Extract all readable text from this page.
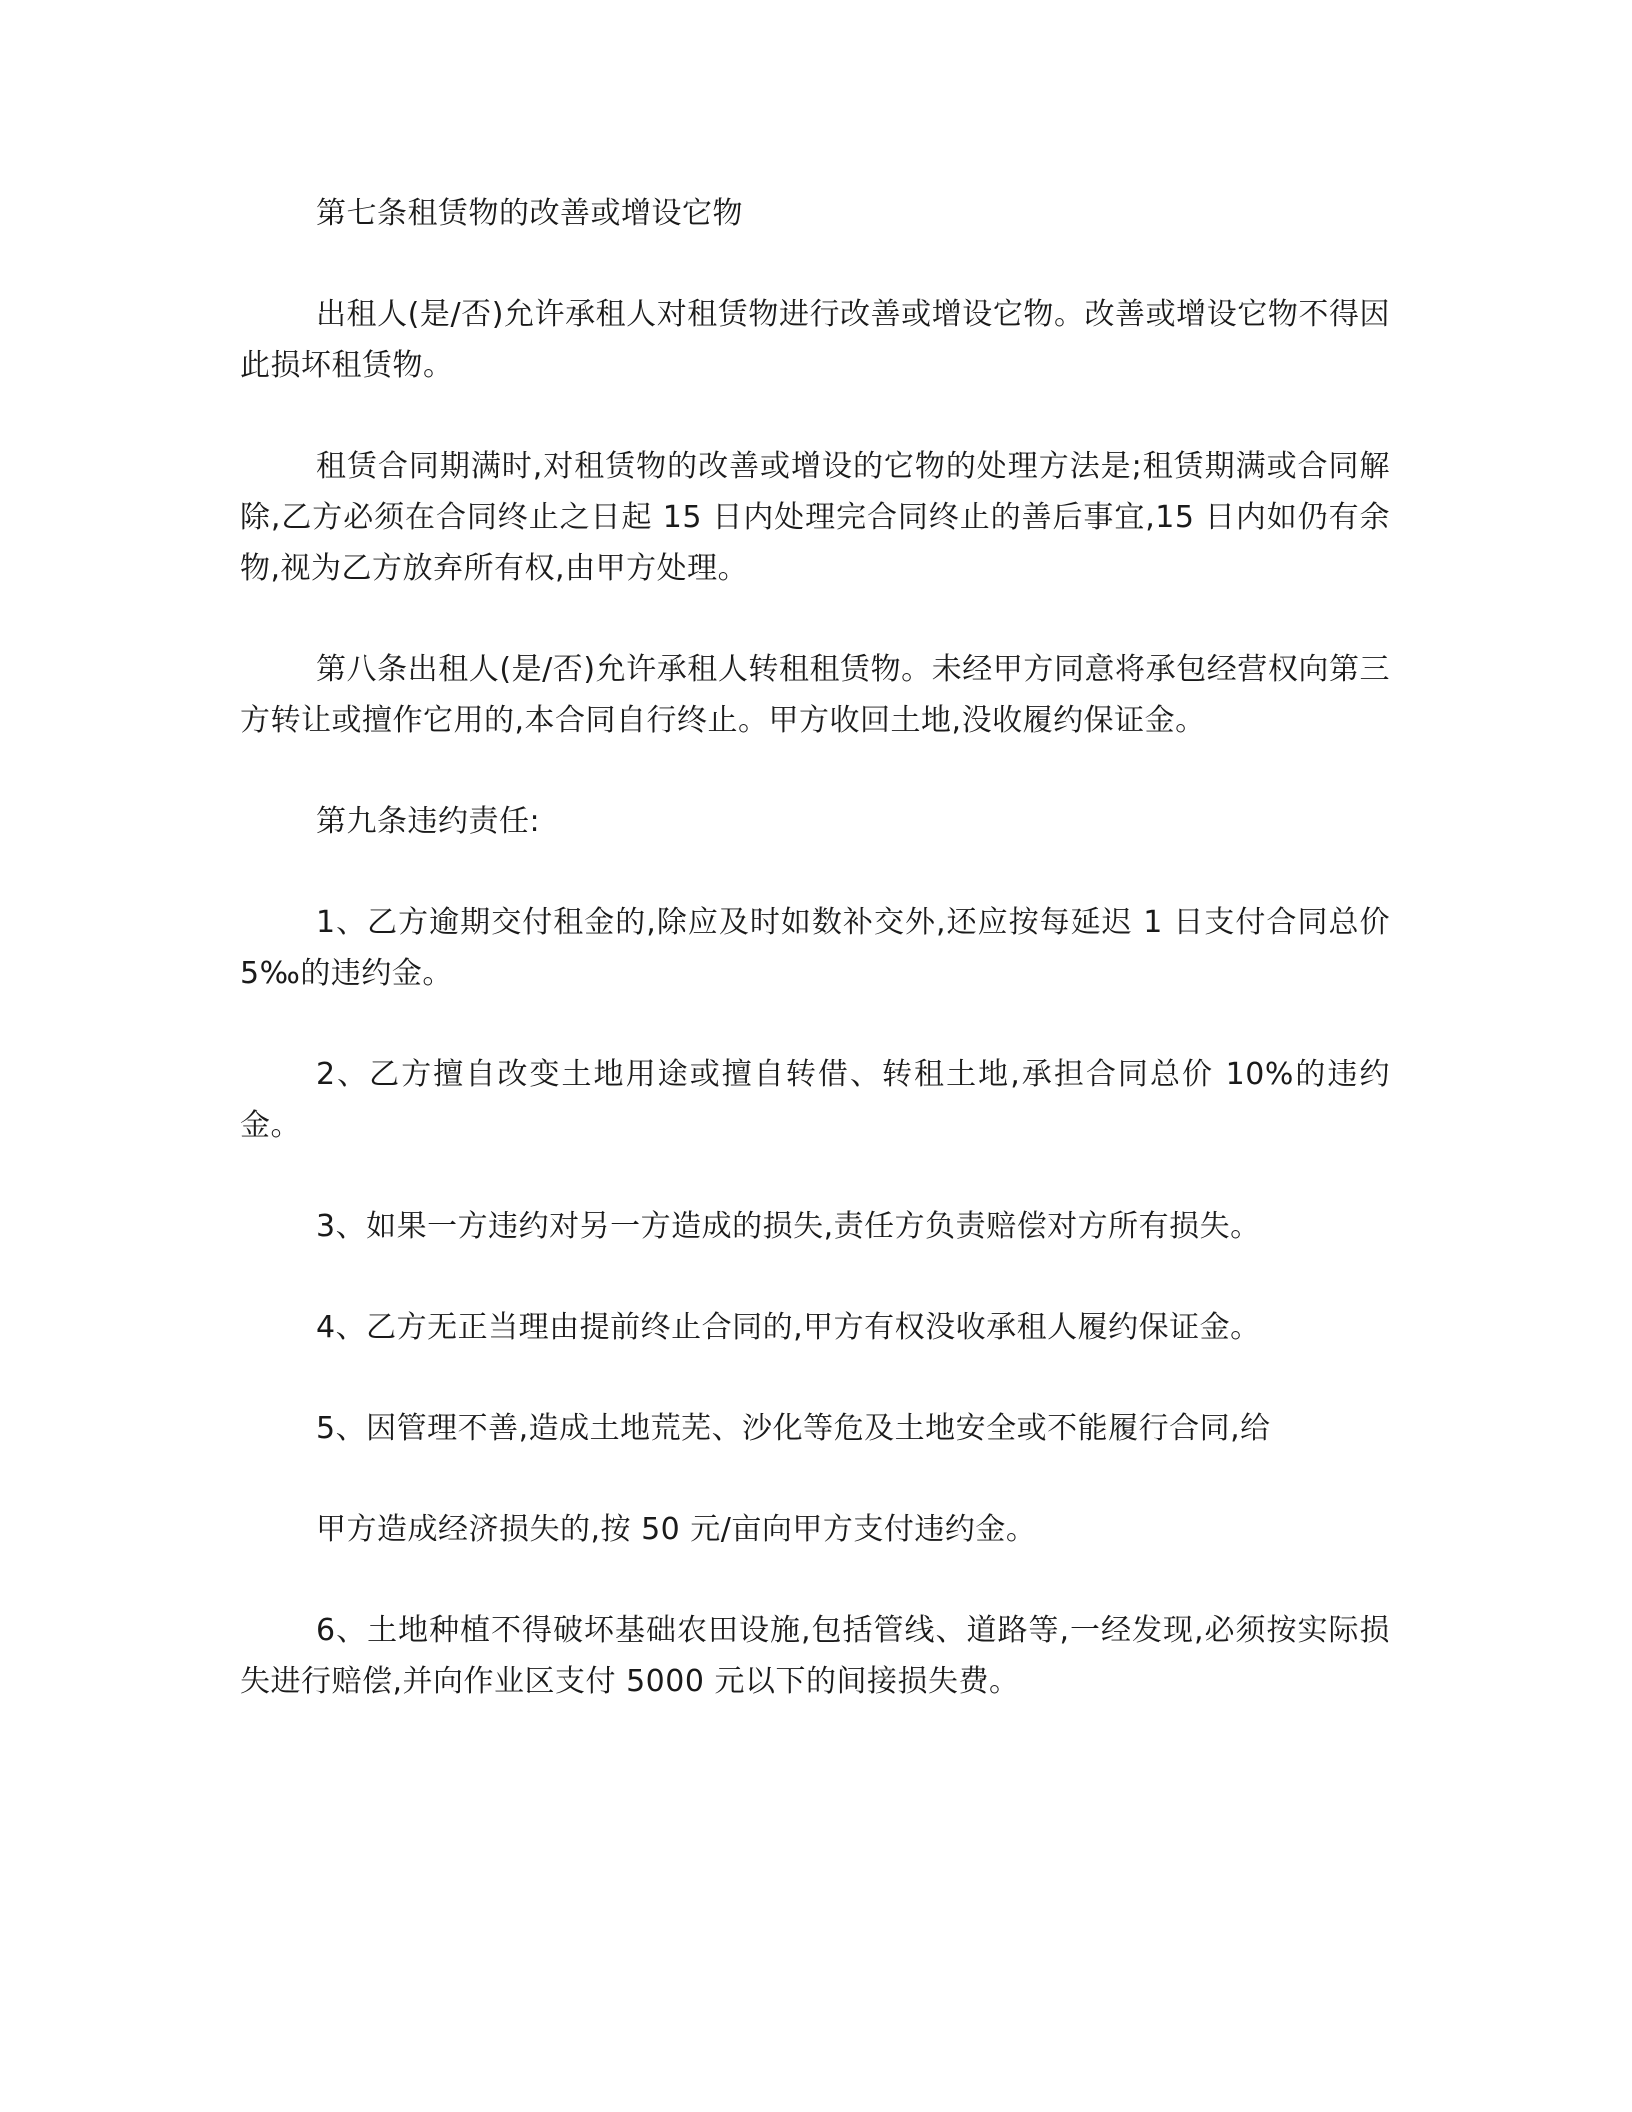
第七条租赁物的改善或增设它物

出租人(是/否)允许承租人对租赁物进行改善或增设它物。改善或增设它物不得因此损坏租赁物。

租赁合同期满时,对租赁物的改善或增设的它物的处理方法是;租赁期满或合同解除,乙方必须在合同终止之日起 15 日内处理完合同终止的善后事宜,15 日内如仍有余物,视为乙方放弃所有权,由甲方处理。

第八条出租人(是/否)允许承租人转租租赁物。未经甲方同意将承包经营权向第三方转让或擅作它用的,本合同自行终止。甲方收回土地,没收履约保证金。

第九条违约责任:

1、乙方逾期交付租金的,除应及时如数补交外,还应按每延迟 1 日支付合同总价 5‰的违约金。

2、乙方擅自改变土地用途或擅自转借、转租土地,承担合同总价 10%的违约金。

3、如果一方违约对另一方造成的损失,责任方负责赔偿对方所有损失。

4、乙方无正当理由提前终止合同的,甲方有权没收承租人履约保证金。

5、因管理不善,造成土地荒芜、沙化等危及土地安全或不能履行合同,给

甲方造成经济损失的,按 50 元/亩向甲方支付违约金。

6、土地种植不得破坏基础农田设施,包括管线、道路等,一经发现,必须按实际损失进行赔偿,并向作业区支付 5000 元以下的间接损失费。
